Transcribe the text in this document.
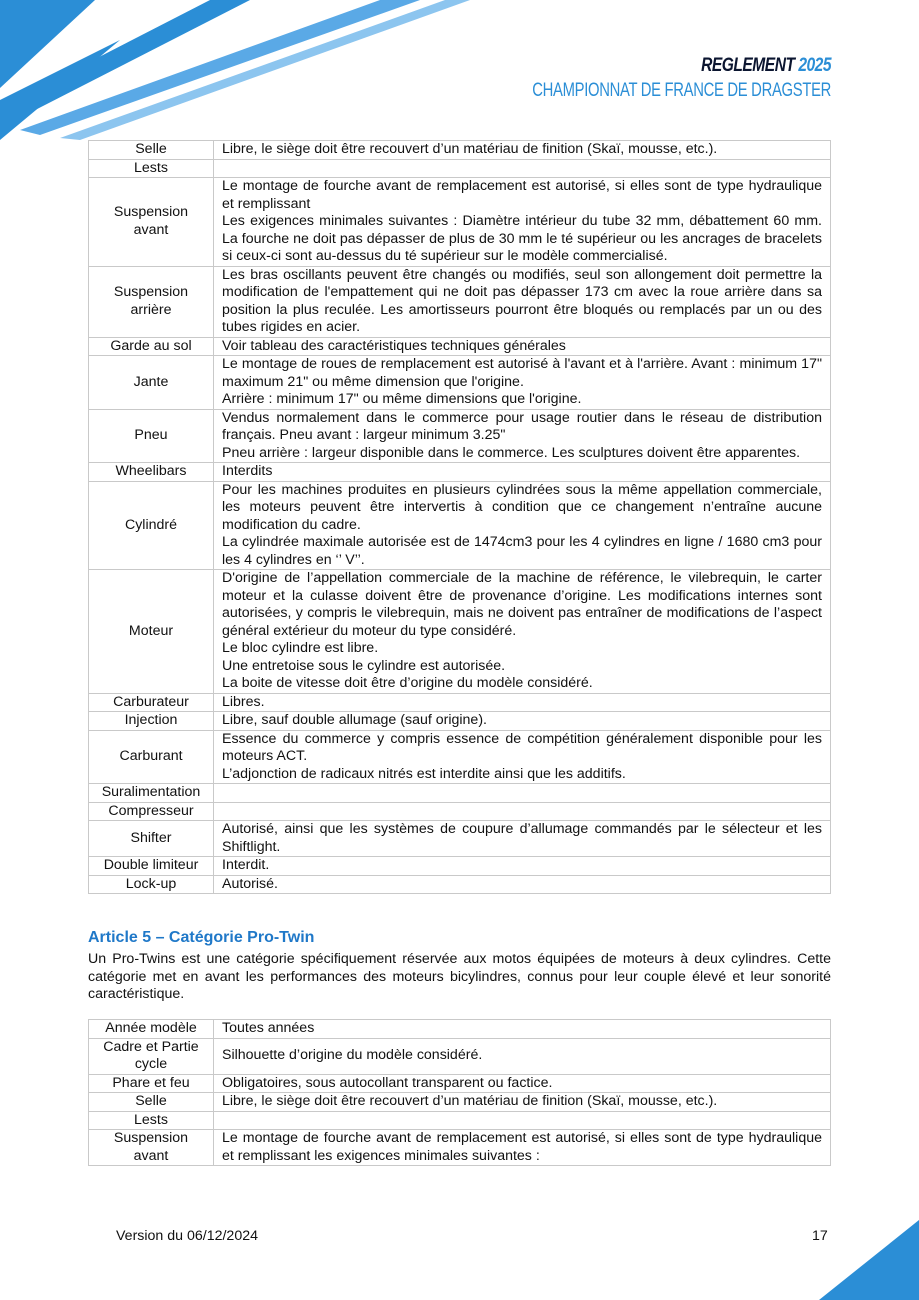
REGLEMENT 2025
CHAMPIONNAT DE FRANCE DE DRAGSTER
Selle	Libre, le siège doit être recouvert d’un matériau de finition (Skaï, mousse, etc.).

Lests	
Suspension avant	Le montage de fourche avant de remplacement est autorisé, si elles sont de type hydraulique et remplissant
Les exigences minimales suivantes : Diamètre intérieur du tube 32 mm, débattement 60 mm. La fourche ne doit pas dépasser de plus de 30 mm le té supérieur ou les ancrages de bracelets si ceux-ci sont au-dessus du té supérieur sur le modèle commercialisé.

Suspension arrière	Les bras oscillants peuvent être changés ou modifiés, seul son allongement doit permettre la modification de l'empattement qui ne doit pas dépasser 173 cm avec la roue arrière dans sa position la plus reculée. Les amortisseurs pourront être bloqués ou remplacés par un ou des tubes rigides en acier.

Garde au sol	Voir tableau des caractéristiques techniques générales

Jante	Le montage de roues de remplacement est autorisé à l'avant et à l'arrière. Avant : minimum 17" maximum 21" ou même dimension que l'origine.
Arrière : minimum 17" ou même dimensions que l'origine.

Pneu	Vendus normalement dans le commerce pour usage routier dans le réseau de distribution français. Pneu avant : largeur minimum 3.25"
Pneu arrière : largeur disponible dans le commerce. Les sculptures doivent être apparentes.

Wheelibars	Interdits

Cylindré	Pour les machines produites en plusieurs cylindrées sous la même appellation commerciale, les moteurs peuvent être intervertis à condition que ce changement n’entraîne aucune modification du cadre.
La cylindrée maximale autorisée est de 1474cm3 pour les 4 cylindres en ligne / 1680 cm3 pour les 4 cylindres en ‘’ V’’.

Moteur	D'origine de l’appellation commerciale de la machine de référence, le vilebrequin, le carter moteur et la culasse doivent être de provenance d’origine. Les modifications internes sont autorisées, y compris le vilebrequin, mais ne doivent pas entraîner de modifications de l’aspect général extérieur du moteur du type considéré.
Le bloc cylindre est libre.
Une entretoise sous le cylindre est autorisée.
La boite de vitesse doit être d’origine du modèle considéré.

Carburateur	Libres.

Injection	Libre, sauf double allumage (sauf origine).

Carburant	Essence du commerce y compris essence de compétition généralement disponible pour les moteurs ACT.
L’adjonction de radicaux nitrés est interdite ainsi que les additifs.

Suralimentation	
Compresseur	
Shifter	Autorisé, ainsi que les systèmes de coupure d’allumage commandés par le sélecteur et les Shiftlight.

Double limiteur	Interdit.

Lock-up	Autorisé.
Article 5 – Catégorie Pro-Twin

Un Pro-Twins est une catégorie spécifiquement réservée aux motos équipées de moteurs à deux cylindres. Cette catégorie met en avant les performances des moteurs bicylindres, connus pour leur couple élevé et leur sonorité caractéristique.

Année modèle	Toutes années

Cadre et Partie cycle	Silhouette d’origine du modèle considéré.

Phare et feu	Obligatoires, sous autocollant transparent ou factice.

Selle	Libre, le siège doit être recouvert d’un matériau de finition (Skaï, mousse, etc.).

Lests	
Suspension avant	Le montage de fourche avant de remplacement est autorisé, si elles sont de type hydraulique et remplissant les exigences minimales suivantes :
Version du 06/12/2024	17
